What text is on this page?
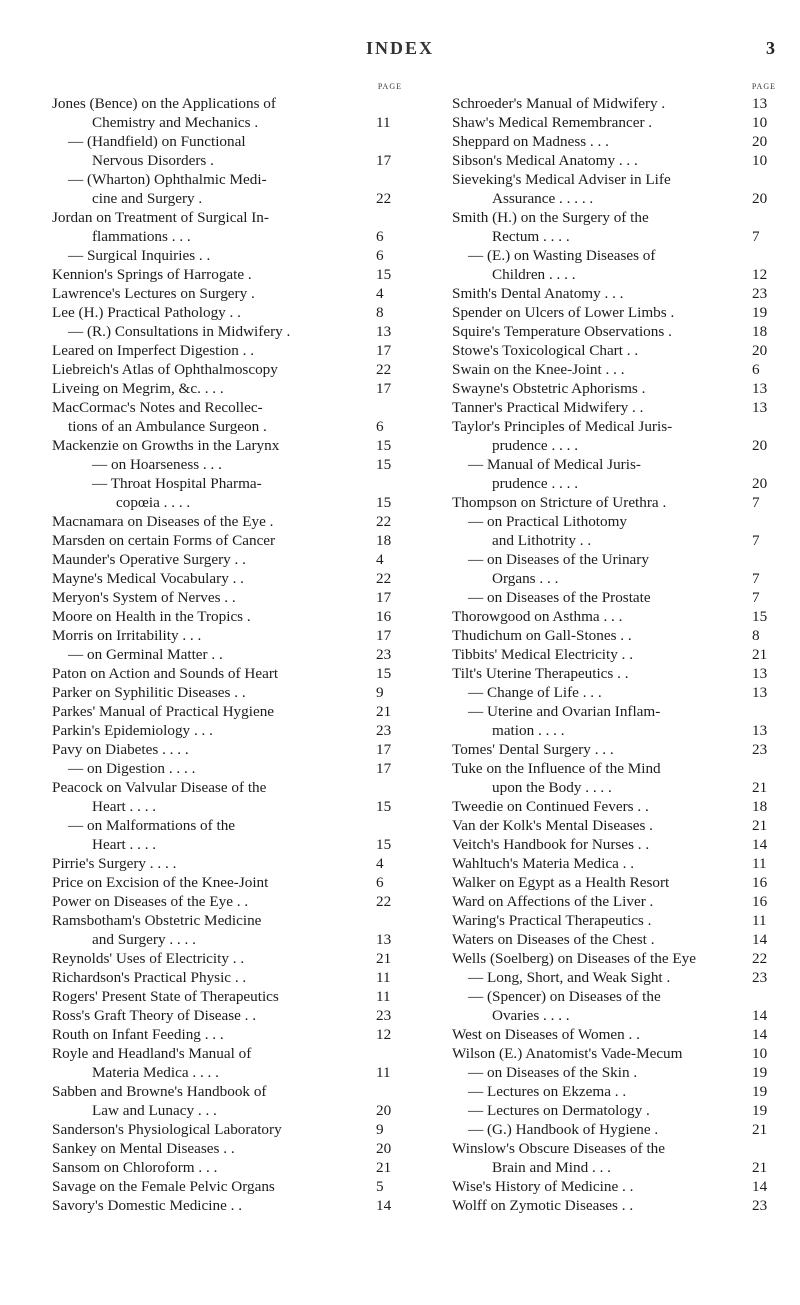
INDEX	3
PAGE
Jones (Bence) on the Applications of
Chemistry and Mechanics .	11
— (Handfield) on Functional
Nervous Disorders .	17
— (Wharton) Ophthalmic Medi-
cine and Surgery .	22
Jordan on Treatment of Surgical In-
flammations . . .	6
— Surgical Inquiries . .	6
Kennion's Springs of Harrogate .	15
Lawrence's Lectures on Surgery .	4
Lee (H.) Practical Pathology . .	8
— (R.) Consultations in Midwifery .	13
Leared on Imperfect Digestion . .	17
Liebreich's Atlas of Ophthalmoscopy	22
Liveing on Megrim, &c. . . .	17
MacCormac's Notes and Recollec-
tions of an Ambulance Surgeon .	6
Mackenzie on Growths in the Larynx	15
— on Hoarseness . . .	15
— Throat Hospital Pharma-
copœia . . . .	15
Macnamara on Diseases of the Eye .	22
Marsden on certain Forms of Cancer	18
Maunder's Operative Surgery . .	4
Mayne's Medical Vocabulary . .	22
Meryon's System of Nerves . .	17
Moore on Health in the Tropics .	16
Morris on Irritability . . .	17
— on Germinal Matter . .	23
Paton on Action and Sounds of Heart	15
Parker on Syphilitic Diseases . .	9
Parkes' Manual of Practical Hygiene	21
Parkin's Epidemiology . . .	23
Pavy on Diabetes . . . .	17
— on Digestion . . . .	17
Peacock on Valvular Disease of the
Heart . . . .	15
— on Malformations of the
Heart . . . .	15
Pirrie's Surgery . . . .	4
Price on Excision of the Knee-Joint	6
Power on Diseases of the Eye . .	22
Ramsbotham's Obstetric Medicine
and Surgery . . . .	13
Reynolds' Uses of Electricity . .	21
Richardson's Practical Physic . .	11
Rogers' Present State of Therapeutics	11
Ross's Graft Theory of Disease . .	23
Routh on Infant Feeding . . .	12
Royle and Headland's Manual of
Materia Medica . . . .	11
Sabben and Browne's Handbook of
Law and Lunacy . . .	20
Sanderson's Physiological Laboratory	9
Sankey on Mental Diseases . .	20
Sansom on Chloroform . . .	21
Savage on the Female Pelvic Organs	5
Savory's Domestic Medicine . .	14
PAGE
Schroeder's Manual of Midwifery .	13
Shaw's Medical Remembrancer .	10
Sheppard on Madness . . .	20
Sibson's Medical Anatomy . . .	10
Sieveking's Medical Adviser in Life
Assurance . . . . .	20
Smith (H.) on the Surgery of the
Rectum . . . .	7
— (E.) on Wasting Diseases of
Children . . . .	12
Smith's Dental Anatomy . . .	23
Spender on Ulcers of Lower Limbs .	19
Squire's Temperature Observations .	18
Stowe's Toxicological Chart . .	20
Swain on the Knee-Joint . . .	6
Swayne's Obstetric Aphorisms .	13
Tanner's Practical Midwifery . .	13
Taylor's Principles of Medical Juris-
prudence . . . .	20
— Manual of Medical Juris-
prudence . . . .	20
Thompson on Stricture of Urethra .	7
— on Practical Lithotomy
and Lithotrity . .	7
— on Diseases of the Urinary
Organs . . .	7
— on Diseases of the Prostate	7
Thorowgood on Asthma . . .	15
Thudichum on Gall-Stones . .	8
Tibbits' Medical Electricity . .	21
Tilt's Uterine Therapeutics . .	13
— Change of Life . . .	13
— Uterine and Ovarian Inflam-
mation . . . .	13
Tomes' Dental Surgery . . .	23
Tuke on the Influence of the Mind
upon the Body . . . .	21
Tweedie on Continued Fevers . .	18
Van der Kolk's Mental Diseases .	21
Veitch's Handbook for Nurses . .	14
Wahltuch's Materia Medica . .	11
Walker on Egypt as a Health Resort	16
Ward on Affections of the Liver .	16
Waring's Practical Therapeutics .	11
Waters on Diseases of the Chest .	14
Wells (Soelberg) on Diseases of the Eye	22
— Long, Short, and Weak Sight .	23
— (Spencer) on Diseases of the
Ovaries . . . .	14
West on Diseases of Women . .	14
Wilson (E.) Anatomist's Vade-Mecum	10
— on Diseases of the Skin .	19
— Lectures on Ekzema . .	19
— Lectures on Dermatology .	19
— (G.) Handbook of Hygiene .	21
Winslow's Obscure Diseases of the
Brain and Mind . . .	21
Wise's History of Medicine . .	14
Wolff on Zymotic Diseases . .	23
